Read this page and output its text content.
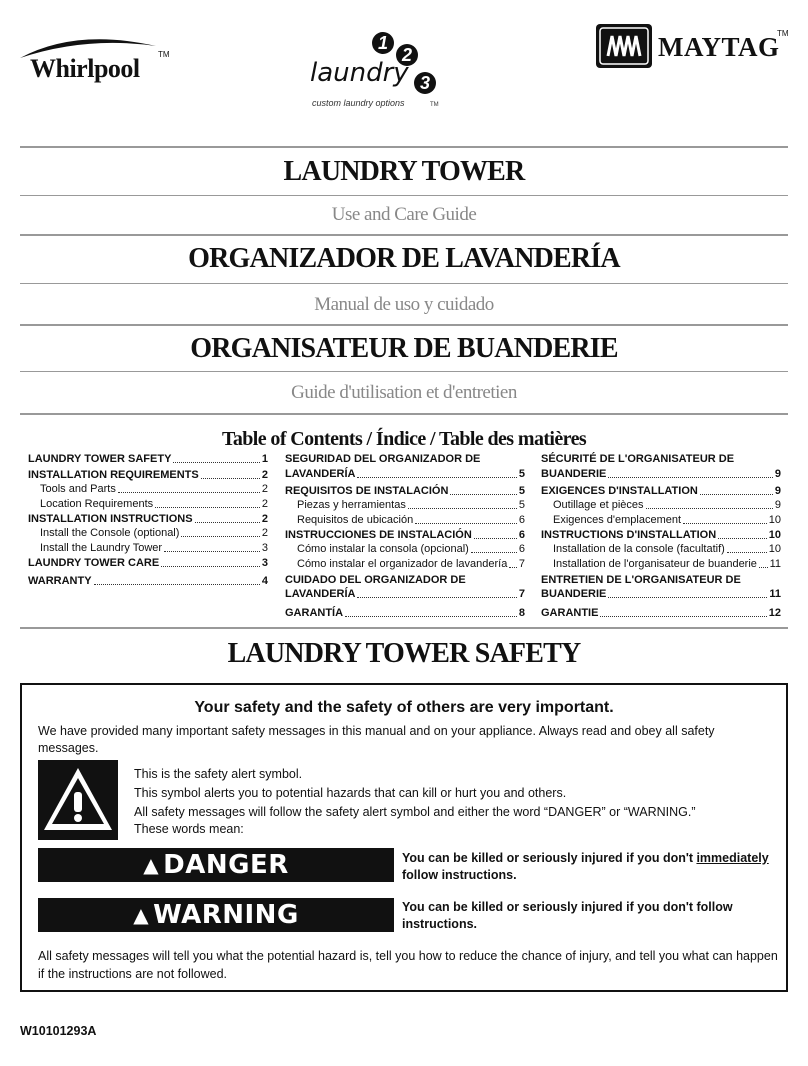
Whirlpool TM
1
2
3
laundry
custom laundry options	TM
MAYTAG
TM
LAUNDRY TOWER
Use and Care Guide
ORGANIZADOR DE LAVANDERÍA
Manual de uso y cuidado
ORGANISATEUR DE BUANDERIE
Guide d'utilisation et d'entretien
Table of Contents / Índice / Table des matières
LAUNDRY TOWER SAFETY	1
INSTALLATION REQUIREMENTS	2
Tools and Parts	2
Location Requirements	2
INSTALLATION INSTRUCTIONS	2
Install the Console (optional)	2
Install the Laundry Tower	3
LAUNDRY TOWER CARE	3
WARRANTY	4
SEGURIDAD DEL ORGANIZADOR DE
LAVANDERÍA	5
REQUISITOS DE INSTALACIÓN	5
Piezas y herramientas	5
Requisitos de ubicación	6
INSTRUCCIONES DE INSTALACIÓN	6
Cómo instalar la consola (opcional)	6
Cómo instalar el organizador de lavandería 7
CUIDADO DEL ORGANIZADOR DE
LAVANDERÍA	7
GARANTÍA	8
SÉCURITÉ DE L'ORGANISATEUR DE
BUANDERIE	9
EXIGENCES D'INSTALLATION	9
Outillage et pièces	9
Exigences d'emplacement	10
INSTRUCTIONS D'INSTALLATION	10
Installation de la console (facultatif)	10
Installation de l'organisateur de buanderie 11
ENTRETIEN DE L'ORGANISATEUR DE
BUANDERIE	11
GARANTIE	12
LAUNDRY TOWER SAFETY
Your safety and the safety of others are very important.
We have provided many important safety messages in this manual and on your appliance. Always read and obey all safety messages.
This is the safety alert symbol.
This symbol alerts you to potential hazards that can kill or hurt you and others.
All safety messages will follow the safety alert symbol and either the word “DANGER” or “WARNING.”
These words mean:
▲ DANGER	You can be killed or seriously injured if you don't immediately
follow instructions.
▲ WARNING	You can be killed or seriously injured if you don't follow instructions.
All safety messages will tell you what the potential hazard is, tell you how to reduce the chance of injury, and tell you what can happen if the instructions are not followed.
W10101293A
